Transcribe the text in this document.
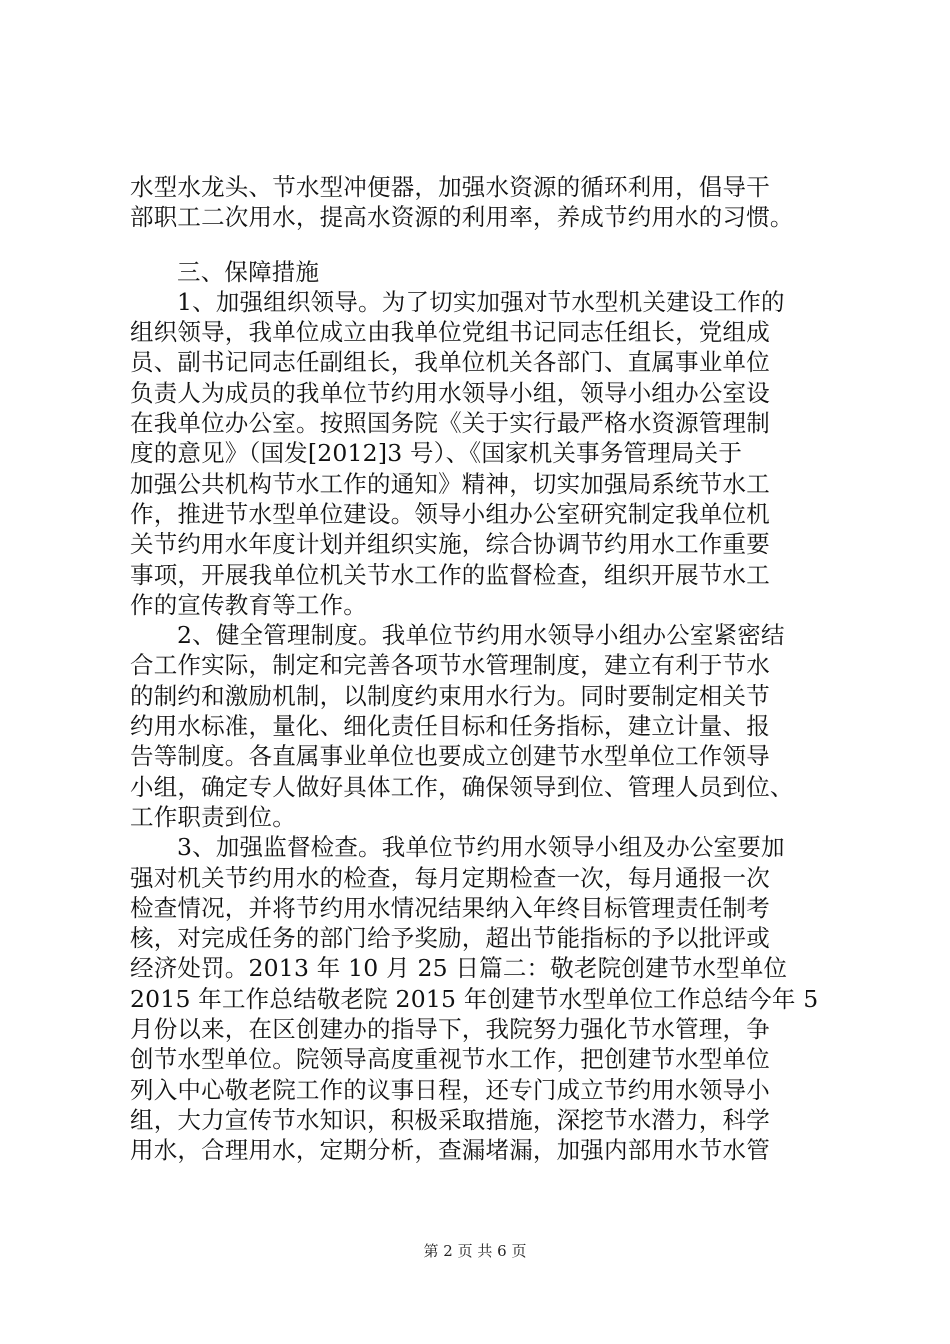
水型水龙头、节水型冲便器，加强水资源的循环利用，倡导干
部职工二次用水，提高水资源的利用率，养成节约用水的习惯。
三、保障措施
1、加强组织领导。为了切实加强对节水型机关建设工作的
组织领导，我单位成立由我单位党组书记同志任组长，党组成
员、副书记同志任副组长，我单位机关各部门、直属事业单位
负责人为成员的我单位节约用水领导小组，领导小组办公室设
在我单位办公室。按照国务院《关于实行最严格水资源管理制
度的意见》（国发[2012]3 号）、《国家机关事务管理局关于
加强公共机构节水工作的通知》精神，切实加强局系统节水工
作，推进节水型单位建设。领导小组办公室研究制定我单位机
关节约用水年度计划并组织实施，综合协调节约用水工作重要
事项，开展我单位机关节水工作的监督检查，组织开展节水工
作的宣传教育等工作。
2、健全管理制度。我单位节约用水领导小组办公室紧密结
合工作实际，制定和完善各项节水管理制度，建立有利于节水
的制约和激励机制，以制度约束用水行为。同时要制定相关节
约用水标准，量化、细化责任目标和任务指标，建立计量、报
告等制度。各直属事业单位也要成立创建节水型单位工作领导
小组，确定专人做好具体工作，确保领导到位、管理人员到位、
工作职责到位。
3、加强监督检查。我单位节约用水领导小组及办公室要加
强对机关节约用水的检查，每月定期检查一次，每月通报一次
检查情况，并将节约用水情况结果纳入年终目标管理责任制考
核，对完成任务的部门给予奖励，超出节能指标的予以批评或
经济处罚。2013 年 10 月 25 日篇二：敬老院创建节水型单位
2015 年工作总结敬老院 2015 年创建节水型单位工作总结今年 5
月份以来，在区创建办的指导下，我院努力强化节水管理，争
创节水型单位。院领导高度重视节水工作，把创建节水型单位
列入中心敬老院工作的议事日程，还专门成立节约用水领导小
组，大力宣传节水知识，积极采取措施，深挖节水潜力，科学
用水，合理用水，定期分析，查漏堵漏，加强内部用水节水管
第 2 页 共 6 页
